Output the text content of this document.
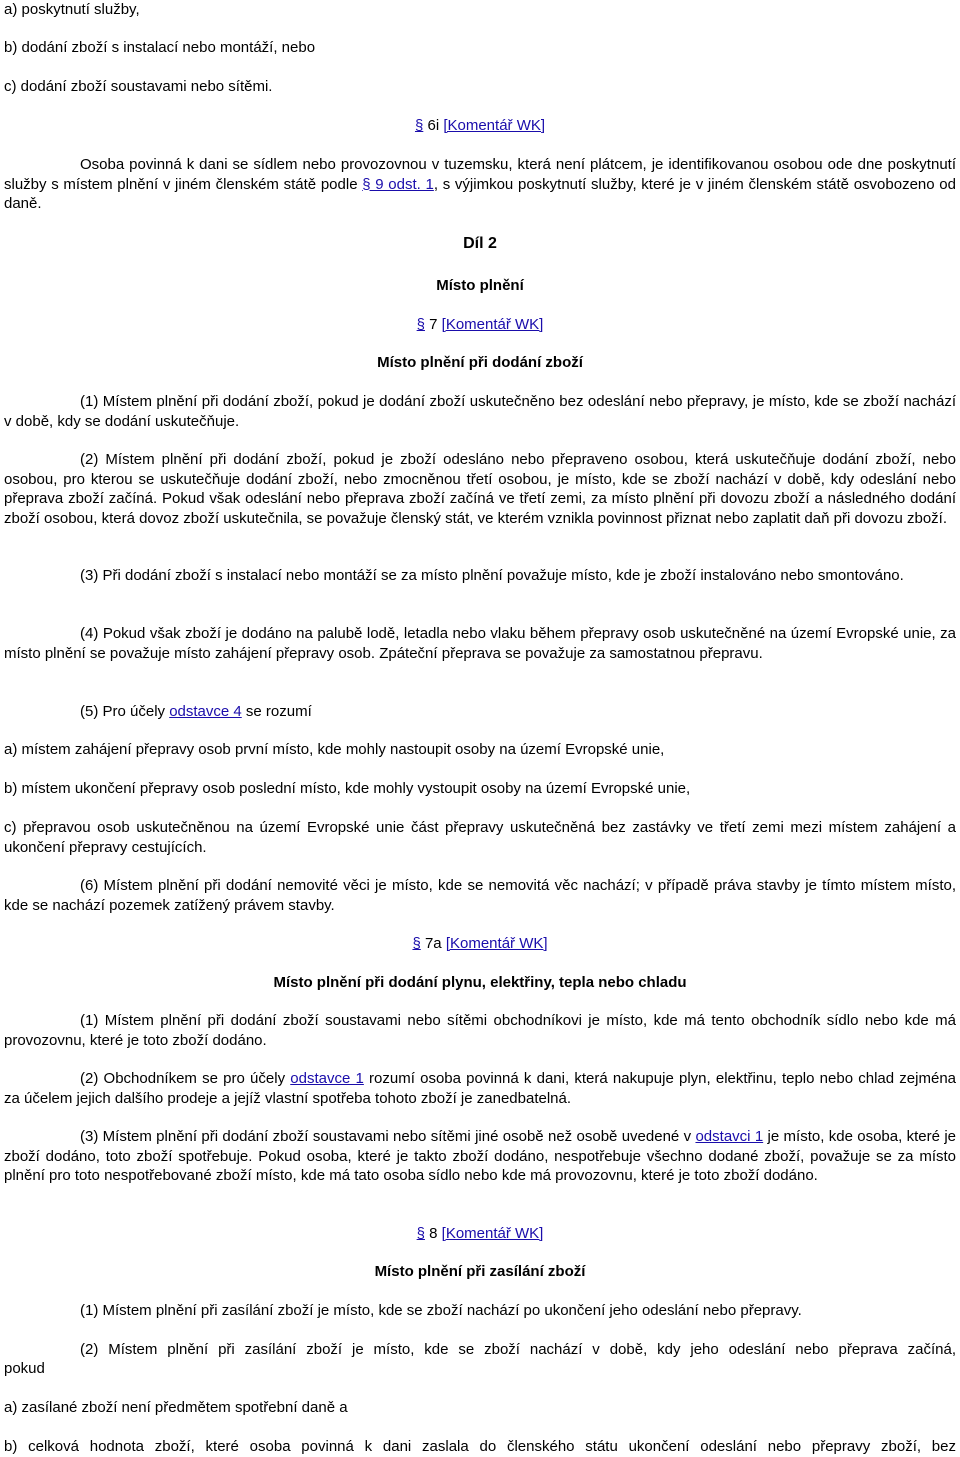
a) poskytnutí služby,

b) dodání zboží s instalací nebo montáží, nebo

c) dodání zboží soustavami nebo sítěmi.

§ 6i [Komentář WK]

Osoba povinná k dani se sídlem nebo provozovnou v tuzemsku, která není plátcem, je identifikovanou osobou ode dne poskytnutí služby s místem plnění v jiném členském státě podle § 9 odst. 1, s výjimkou poskytnutí služby, které je v jiném členském státě osvobozeno od daně.

Díl 2

Místo plnění

§ 7 [Komentář WK]

Místo plnění při dodání zboží

(1) Místem plnění při dodání zboží, pokud je dodání zboží uskutečněno bez odeslání nebo přepravy, je místo, kde se zboží nachází v době, kdy se dodání uskutečňuje.

(2) Místem plnění při dodání zboží, pokud je zboží odesláno nebo přepraveno osobou, která uskutečňuje dodání zboží, nebo osobou, pro kterou se uskutečňuje dodání zboží, nebo zmocněnou třetí osobou, je místo, kde se zboží nachází v době, kdy odeslání nebo přeprava zboží začíná. Pokud však odeslání nebo přeprava zboží začíná ve třetí zemi, za místo plnění při dovozu zboží a následného dodání zboží osobou, která dovoz zboží uskutečnila, se považuje členský stát, ve kterém vznikla povinnost přiznat nebo zaplatit daň při dovozu zboží.

(3) Při dodání zboží s instalací nebo montáží se za místo plnění považuje místo, kde je zboží instalováno nebo smontováno.

(4) Pokud však zboží je dodáno na palubě lodě, letadla nebo vlaku během přepravy osob uskutečněné na území Evropské unie, za místo plnění se považuje místo zahájení přepravy osob. Zpáteční přeprava se považuje za samostatnou přepravu.

(5) Pro účely odstavce 4 se rozumí

a) místem zahájení přepravy osob první místo, kde mohly nastoupit osoby na území Evropské unie,

b) místem ukončení přepravy osob poslední místo, kde mohly vystoupit osoby na území Evropské unie,

c) přepravou osob uskutečněnou na území Evropské unie část přepravy uskutečněná bez zastávky ve třetí zemi mezi místem zahájení a ukončení přepravy cestujících.

(6) Místem plnění při dodání nemovité věci je místo, kde se nemovitá věc nachází; v případě práva stavby je tímto místem místo, kde se nachází pozemek zatížený právem stavby.

§ 7a [Komentář WK]

Místo plnění při dodání plynu, elektřiny, tepla nebo chladu

(1) Místem plnění při dodání zboží soustavami nebo sítěmi obchodníkovi je místo, kde má tento obchodník sídlo nebo kde má provozovnu, které je toto zboží dodáno.

(2) Obchodníkem se pro účely odstavce 1 rozumí osoba povinná k dani, která nakupuje plyn, elektřinu, teplo nebo chlad zejména za účelem jejich dalšího prodeje a jejíž vlastní spotřeba tohoto zboží je zanedbatelná.

(3) Místem plnění při dodání zboží soustavami nebo sítěmi jiné osobě než osobě uvedené v odstavci 1 je místo, kde osoba, které je zboží dodáno, toto zboží spotřebuje. Pokud osoba, které je takto zboží dodáno, nespotřebuje všechno dodané zboží, považuje se za místo plnění pro toto nespotřebované zboží místo, kde má tato osoba sídlo nebo kde má provozovnu, které je toto zboží dodáno.

§ 8 [Komentář WK]

Místo plnění při zasílání zboží

(1) Místem plnění při zasílání zboží je místo, kde se zboží nachází po ukončení jeho odeslání nebo přepravy.

(2) Místem plnění při zasílání zboží je místo, kde se zboží nachází v době, kdy jeho odeslání nebo přeprava začíná,

pokud

a) zasílané zboží není předmětem spotřební daně a

b) celková hodnota zboží, které osoba povinná k dani zaslala do členského státu ukončení odeslání nebo přepravy zboží, bez
